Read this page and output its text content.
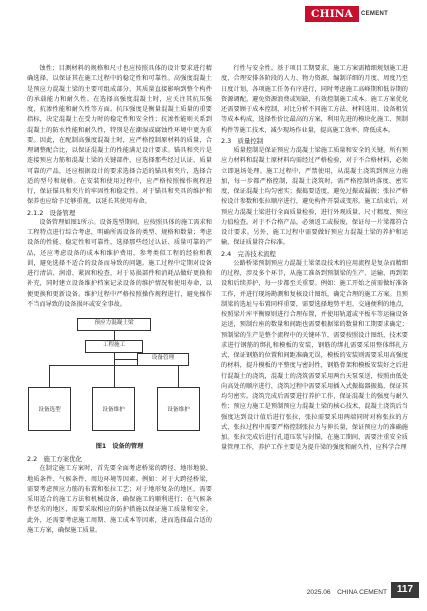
CHINA	CEMENT

蚀性；目测材料的规格和尺寸也应按照具体的设计要求进行精确选择，以保证其在施工过程中的稳定性和可靠性。高强度混凝土是预应力混凝土梁的主要可组成部分，其质量直接影响到整个构件的承载能力和耐久性。在选择高强度混凝土时，应关注其抗压强度、抗渗性能和耐久性等方面。抗压强度是衡量混凝土质量的重要指标，决定混凝土在受力时的稳定性和安全性；抗渗性能则关系到混凝土的防水性能和耐久性，特别是在潮湿或腐蚀性环境中更为重要。因此，在配制高强度混凝土时，应严格控制原材料的质量，合理调整配合比，以保证混凝土的性能满足设计要求。锚具和夹片是连接预应力筋和混凝土梁的关键部件，应选择那些经过认证、质量可靠的产品，还应根据设计的要求选择合适的锚具和夹片，选择合适的型号和规格。在安装和使用过程中，应严格按照操作规程进行，保证锚具和夹片的牢固性和稳定性。对于锚具和夹具的维护和保养也应给予足够重视，以延长其使用寿命。

2.1.2　设备管理

设备管理如图1所示。设备选型期间，应按照具体的施工需求和工程特点进行综合考虑，明确所需设备的类型、规格和数量；考虑设备的性能、稳定性和可靠性，选择那些经过认证、质量可靠的产品，还应考虑设备的成本和维护费用，参考类似工程的经验和教训，避免选择不适合的设备而导致的问题。施工过程中定期对设备进行清洁、润滑、紧固和检查，对于易损部件和消耗品做好更换和补充，同时建立设备维护档案记录设备的维护情况和使用寿命，以便更换和更新设备。维护过程中严格按照操作规程进行，避免操作不当而导致的设备损坏或安全事故。

预应力混凝土梁
工程施工
设备管理
设备选型	设备维护	设备维护
图1　设备的管理
2.2　施工方案优化

在制定施工方案时，首先要全面考虑桥梁的跨径、地形地貌、地质条件、气候条件、周边环境等因素。例如：对于大跨径桥梁，需要考虑预应力筋的布置和张拉工艺；对于地形复杂的地区，需要采用适合的施工方法和机械设备，确保施工的顺利进行；在气候条件恶劣的地区，需要采取相应的防护措施以保证施工质量和安全。此外，还需要考虑施工周期、施工成本等因素，进而选择最合适的施工方案，确保施工质量。

行性与安全性。基于项目工期要求，施工方案需精细规划施工进度，合理安排各阶段的人力、物力资源，编制详细的月度、周度乃至日度计划，各项施工任务有序进行，同时考虑施工高峰期和低谷期的资源调配，避免资源浪费或短缺，有效控制施工成本。施工方案优化还需要顾于成本控制，对比分析不同施工方法、材料选用、设备租赁等成本构成，选择性价比最高的方案，利用先进的模块化施工、预制构件等施工技术，减少现场作业量，提高施工效率、降低成本。

2.3　质量控制

质量控制是保证预应力混凝土梁施工质量和安全的关键。所有预应力材料和混凝土原材料均需经过严格检验，对于不合格材料，必须立即退场处理。施工过程中，严禁使用，从混凝土浇筑到预应力施加，每一步都严格控制，混凝土浇筑时，需严格控制坍落度、密实度，保证混凝土均匀密实；振捣要适度，避免过振或漏振；张拉严格按设计参数和张拉顺序进行，避免构件开裂或变形。施工结束后，对预应力混凝土梁进行全面质量检验，进行外观质量、尺寸精度、预应力值检查。对于不合格产品，必须返工或报废，保证每一片梁都符合设计要求。另外，施工过程中需要做好预应力混凝土梁的养护和运输，保证质量符合标准。

2.4　完善技术流程

公路桥梁预制预应力混凝土梁架设技术的应用流程是复杂而精细的过程，涉及多个环节，从施工准备到预制梁的生产、运输、再到架设和后续养护，每一步都至关重要。例如：施工开始之前需做好准备工作，并进行现场勘测和复核设计图纸，确定合理的施工方案。且预制梁的选址与布置同样重要，需要选择地势平坦、交通便利的地点，按照梁片库平衡原则进行合理布置，并使用轨道或平板车等运输设备运送，预制台座的数量和间距也需要根据梁的数量和工期要求确定；预制梁的生产是整个流程中的关键环节，需要按照设计图纸、技术要求进行钢筋的绑扎和模板的安装，钢筋的绑扎需要采用整体绑扎方式，保证钢筋的位置和间距准确无误，模板的安装则需要采用高强度的材料，提升模板的平整度与密封性，钢筋骨架和模板安装好之后进行混凝土的浇筑，混凝土的浇筑需要采用两台天泵泵送，按照由低处向高处的顺序进行，浇筑过程中需要采用插入式振捣器振捣，保证其均匀密实。浇筑完成后需要进行养护工作，保证混凝土的强度与耐久性；预应力施工是预制预应力混凝土梁的核心技术，混凝土浇筑后当强度达到设计值后进行张拉，张拉需要采用两端同时对称张拉的方式，张拉过程中需要严格控制张拉力与伸长量，保证预应力的准确施加。张拉完成后进行孔道压浆与封锚，在施工期间，需要注重安全质量管理工作，养护工作主要是为提升梁的强度和耐久性，应科学合理

2025.06　CHINA CEMENT 117
